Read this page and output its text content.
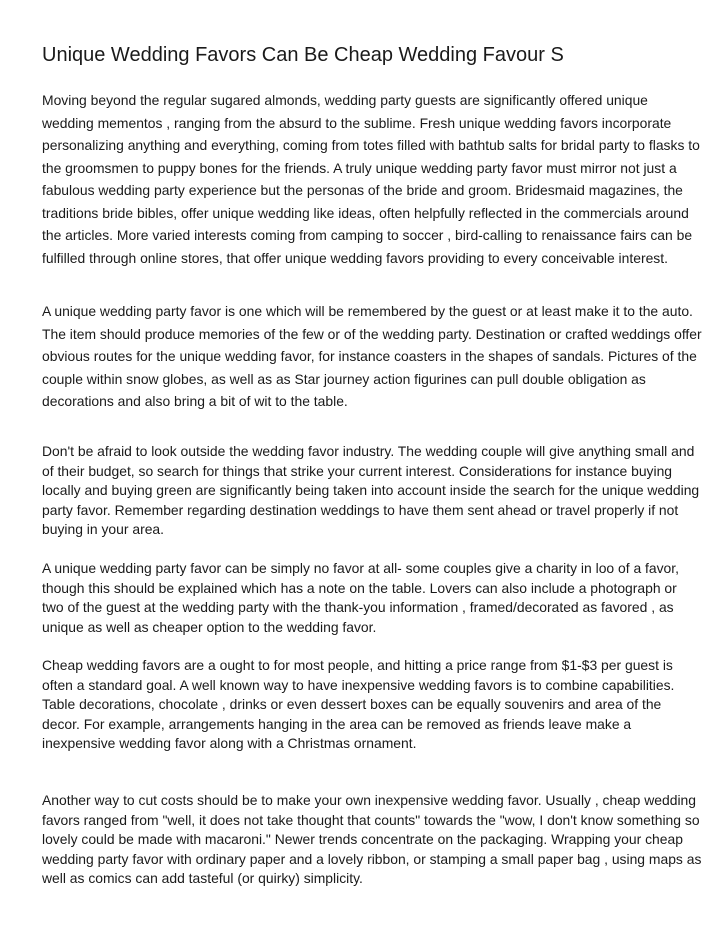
Unique Wedding Favors Can Be Cheap Wedding Favour S

Moving beyond the regular sugared almonds, wedding party guests are significantly offered unique wedding mementos , ranging from the absurd to the sublime. Fresh unique wedding favors incorporate personalizing anything and everything, coming from totes filled with bathtub salts for bridal party to flasks to the groomsmen to puppy bones for the friends. A truly unique wedding party favor must mirror not just a fabulous wedding party experience but the personas of the bride and groom. Bridesmaid magazines, the traditions bride bibles, offer unique wedding like ideas, often helpfully reflected in the commercials around the articles. More varied interests coming from camping to soccer , bird-calling to renaissance fairs can be fulfilled through online stores, that offer unique wedding favors providing to every conceivable interest.

A unique wedding party favor is one which will be remembered by the guest or at least make it to the auto. The item should produce memories of the few or of the wedding party. Destination or crafted weddings offer obvious routes for the unique wedding favor, for instance coasters in the shapes of sandals. Pictures of the couple within snow globes, as well as as Star journey action figurines can pull double obligation as decorations and also bring a bit of wit to the table.

Don't be afraid to look outside the wedding favor industry. The wedding couple will give anything small and of their budget, so search for things that strike your current interest. Considerations for instance buying locally and buying green are significantly being taken into account inside the search for the unique wedding party favor. Remember regarding destination weddings to have them sent ahead or travel properly if not buying in your area.

A unique wedding party favor can be simply no favor at all- some couples give a charity in loo of a favor, though this should be explained which has a note on the table. Lovers can also include a photograph or two of the guest at the wedding party with the thank-you information , framed/decorated as favored , as unique as well as cheaper option to the wedding favor.

Cheap wedding favors are a ought to for most people, and hitting a price range from $1-$3 per guest is often a standard goal. A well known way to have inexpensive wedding favors is to combine capabilities. Table decorations, chocolate , drinks or even dessert boxes can be equally souvenirs and area of the decor. For example, arrangements hanging in the area can be removed as friends leave make a inexpensive wedding favor along with a Christmas ornament.

Another way to cut costs should be to make your own inexpensive wedding favor. Usually , cheap wedding favors ranged from "well, it does not take thought that counts" towards the "wow, I don't know something so lovely could be made with macaroni." Newer trends concentrate on the packaging. Wrapping your cheap wedding party favor with ordinary paper and a lovely ribbon, or stamping a small paper bag , using maps as well as comics can add tasteful (or quirky) simplicity.
